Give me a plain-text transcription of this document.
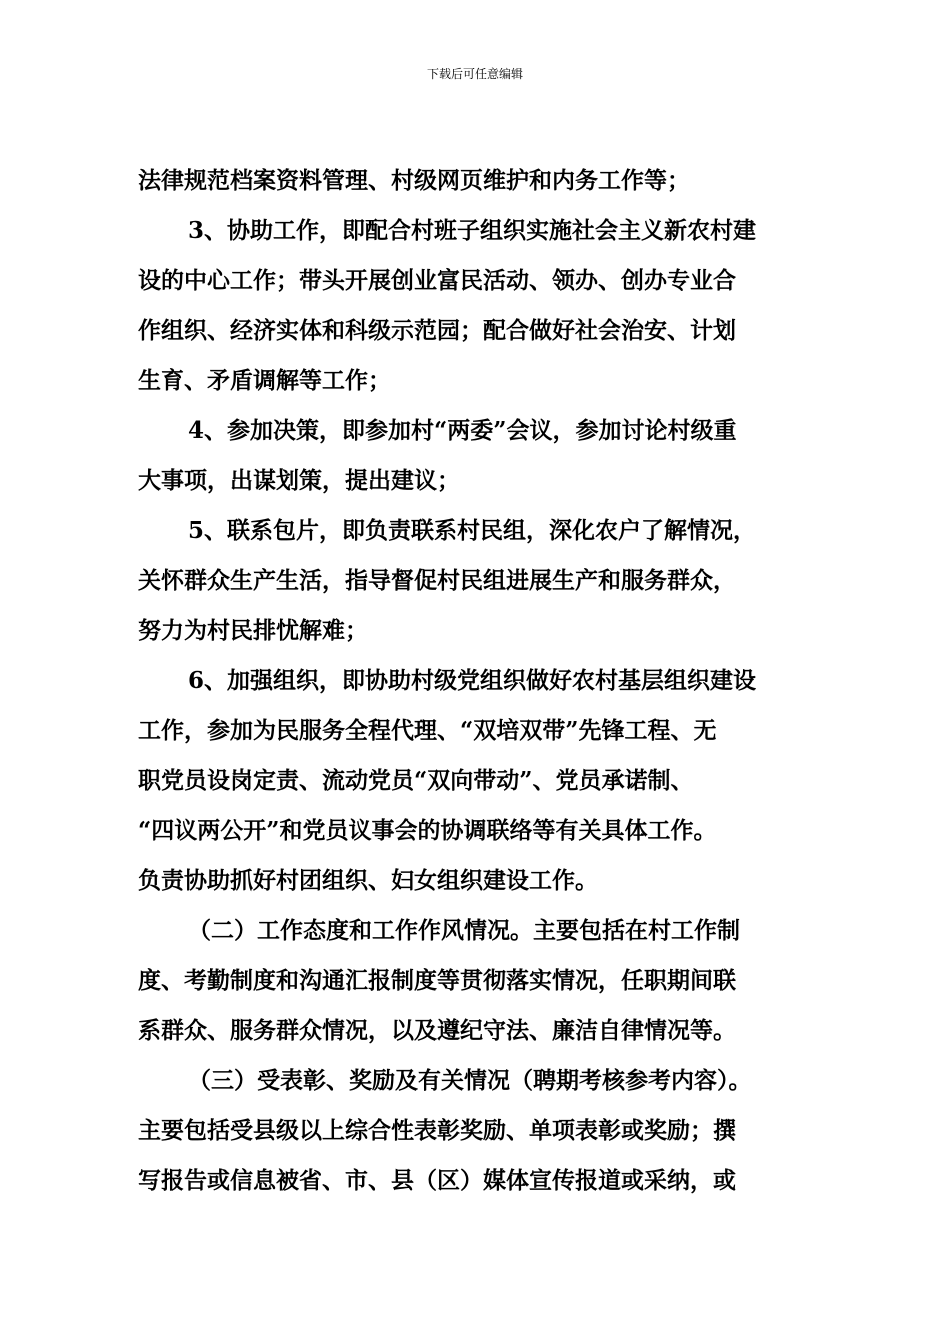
下载后可任意编辑
法律规范档案资料管理、村级网页维护和内务工作等；
3、协助工作，即配合村班子组织实施社会主义新农村建
设的中心工作；带头开展创业富民活动、领办、创办专业合
作组织、经济实体和科级示范园；配合做好社会治安、计划
生育、矛盾调解等工作；
4、参加决策，即参加村“两委”会议，参加讨论村级重
大事项，出谋划策，提出建议；
5、联系包片，即负责联系村民组，深化农户了解情况，
关怀群众生产生活，指导督促村民组进展生产和服务群众，
努力为村民排忧解难；
6、加强组织，即协助村级党组织做好农村基层组织建设
工作，参加为民服务全程代理、“双培双带”先锋工程、无
职党员设岗定责、流动党员“双向带动”、党员承诺制、
“四议两公开”和党员议事会的协调联络等有关具体工作。
负责协助抓好村团组织、妇女组织建设工作。
（二）工作态度和工作作风情况。主要包括在村工作制
度、考勤制度和沟通汇报制度等贯彻落实情况，任职期间联
系群众、服务群众情况，以及遵纪守法、廉洁自律情况等。
（三）受表彰、奖励及有关情况（聘期考核参考内容）。
主要包括受县级以上综合性表彰奖励、单项表彰或奖励；撰
写报告或信息被省、市、县（区）媒体宣传报道或采纳，或
